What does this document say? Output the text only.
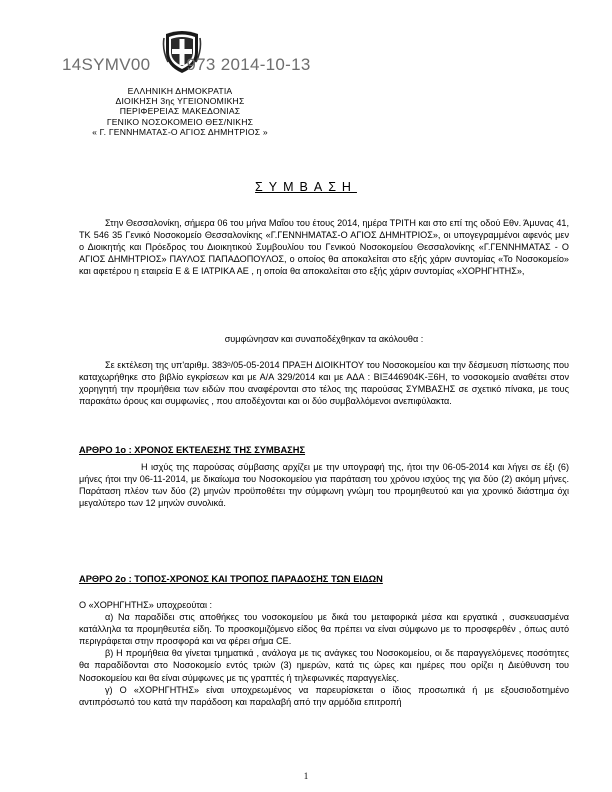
14SYMV00 973 2014-10-13
ΕΛΛΗΝΙΚΗ ΔΗΜΟΚΡΑΤΙΑ
ΔΙΟΙΚΗΣΗ 3ης ΥΓΕΙΟΝΟΜΙΚΗΣ
ΠΕΡΙΦΕΡΕΙΑΣ ΜΑΚΕΔΟΝΙΑΣ
ΓΕΝΙΚΟ ΝΟΣΟΚΟΜΕΙΟ ΘΕΣ/ΝΙΚΗΣ
« Γ. ΓΕΝΝΗΜΑΤΑΣ-Ο ΑΓΙΟΣ ΔΗΜΗΤΡΙΟΣ »
ΣΥΜΒΑΣΗ

Στην Θεσσαλονίκη, σήμερα 06 του μήνα Μαΐου του έτους 2014, ημέρα ΤΡΙΤΗ και στο επί της οδού Εθν. Άμυνας 41, ΤΚ 546 35 Γενικό Νοσοκομείο Θεσσαλονίκης «Γ.ΓΕΝΝΗΜΑΤΑΣ-Ο ΑΓΙΟΣ ΔΗΜΗΤΡΙΟΣ», οι υπογεγραμμένοι αφενός μεν ο Διοικητής και Πρόεδρος του Διοικητικού Συμβουλίου του Γενικού Νοσοκομείου Θεσσαλονίκης «Γ.ΓΕΝΝΗΜΑΤΑΣ - Ο ΑΓΙΟΣ ΔΗΜΗΤΡΙΟΣ» ΠΑΥΛΟΣ ΠΑΠΑΔΟΠΟΥΛΟΣ, ο οποίος θα αποκαλείται στο εξής χάριν συντομίας «Το Νοσοκομείο» και αφετέρου η εταιρεία Ε & Ε ΙΑΤΡΙΚΑ ΑΕ , η οποία θα αποκαλείται στο εξής χάριν συντομίας «ΧΟΡΗΓΗΤΗΣ»,

συμφώνησαν και συναποδέχθηκαν τα ακόλουθα :

Σε εκτέλεση της υπ'αριθμ. 383ᵒ/05-05-2014 ΠΡΑΞΗ ΔΙΟΙΚΗΤΟΥ του Νοσοκομείου και την δέσμευση πίστωσης που καταχωρήθηκε στο βιβλίο εγκρίσεων και με Α/Α 329/2014 και με ΑΔΑ : ΒΙΞ446904Κ-Ξ6Η, το νοσοκομείο αναθέτει στον χορηγητή την προμήθεια των ειδών που αναφέρονται στο τέλος της παρούσας ΣΥΜΒΑΣΗΣ σε σχετικό πίνακα, με τους παρακάτω όρους και συμφωνίες , που αποδέχονται και οι δύο συμβαλλόμενοι ανεπιφύλακτα.

ΑΡΘΡΟ 1ο : ΧΡΟΝΟΣ ΕΚΤΕΛΕΣΗΣ ΤΗΣ ΣΥΜΒΑΣΗΣ

Η ισχύς της παρούσας σύμβασης αρχίζει με την υπογραφή της, ήτοι την 06-05-2014 και λήγει σε έξι (6) μήνες ήτοι την 06-11-2014, με δικαίωμα του Νοσοκομείου για παράταση του χρόνου ισχύος της για δύο (2) ακόμη μήνες. Παράταση πλέον των δύο (2) μηνών προϋποθέτει την σύμφωνη γνώμη του προμηθευτού και για χρονικό διάστημα όχι μεγαλύτερο των 12 μηνών συνολικά.

ΑΡΘΡΟ 2ο : ΤΟΠΟΣ-ΧΡΟΝΟΣ ΚΑΙ ΤΡΟΠΟΣ ΠΑΡΑΔΟΣΗΣ ΤΩΝ ΕΙΔΩΝ

Ο «ΧΟΡΗΓΗΤΗΣ» υποχρεούται :

α) Να παραδίδει στις αποθήκες του νοσοκομείου με δικά του μεταφορικά μέσα και εργατικά , συσκευασμένα κατάλληλα τα προμηθευτέα είδη. Το προσκομιζόμενο είδος θα πρέπει να είναι σύμφωνο με το προσφερθέν , όπως αυτό περιγράφεται στην προσφορά και να φέρει σήμα CE.

β) Η προμήθεια θα γίνεται τμηματικά , ανάλογα με τις ανάγκες του Νοσοκομείου, οι δε παραγγελόμενες ποσότητες θα παραδίδονται στο Νοσοκομείο εντός τριών (3) ημερών, κατά τις ώρες και ημέρες που ορίζει η Διεύθυνση του Νοσοκομείου και θα είναι σύμφωνες με τις γραπτές ή τηλεφωνικές παραγγελίες.

γ) Ο «ΧΟΡΗΓΗΤΗΣ» είναι υποχρεωμένος να παρευρίσκεται ο ίδιος προσωπικά ή με εξουσιοδοτημένο αντιπρόσωπό του κατά την παράδοση και παραλαβή από την αρμόδια επιτροπή

1
